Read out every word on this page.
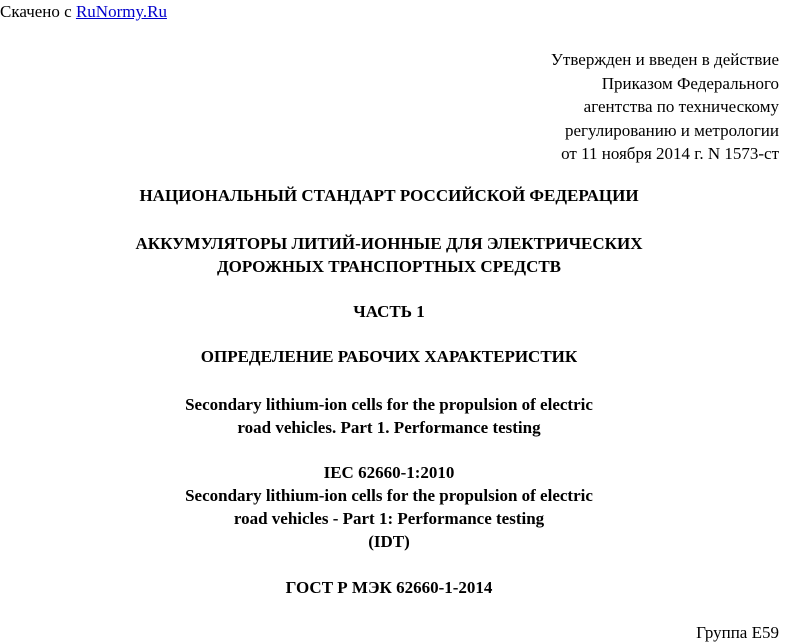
Скачено с RuNormy.Ru
Утвержден и введен в действие
Приказом Федерального
агентства по техническому
регулированию и метрологии
от 11 ноября 2014 г. N 1573-ст
НАЦИОНАЛЬНЫЙ СТАНДАРТ РОССИЙСКОЙ ФЕДЕРАЦИИ
АККУМУЛЯТОРЫ ЛИТИЙ-ИОННЫЕ ДЛЯ ЭЛЕКТРИЧЕСКИХ
ДОРОЖНЫХ ТРАНСПОРТНЫХ СРЕДСТВ
ЧАСТЬ 1
ОПРЕДЕЛЕНИЕ РАБОЧИХ ХАРАКТЕРИСТИК
Secondary lithium-ion cells for the propulsion of electric
road vehicles. Part 1. Performance testing
IEC 62660-1:2010
Secondary lithium-ion cells for the propulsion of electric
road vehicles - Part 1: Performance testing
(IDT)
ГОСТ Р МЭК 62660-1-2014
Группа Е59
